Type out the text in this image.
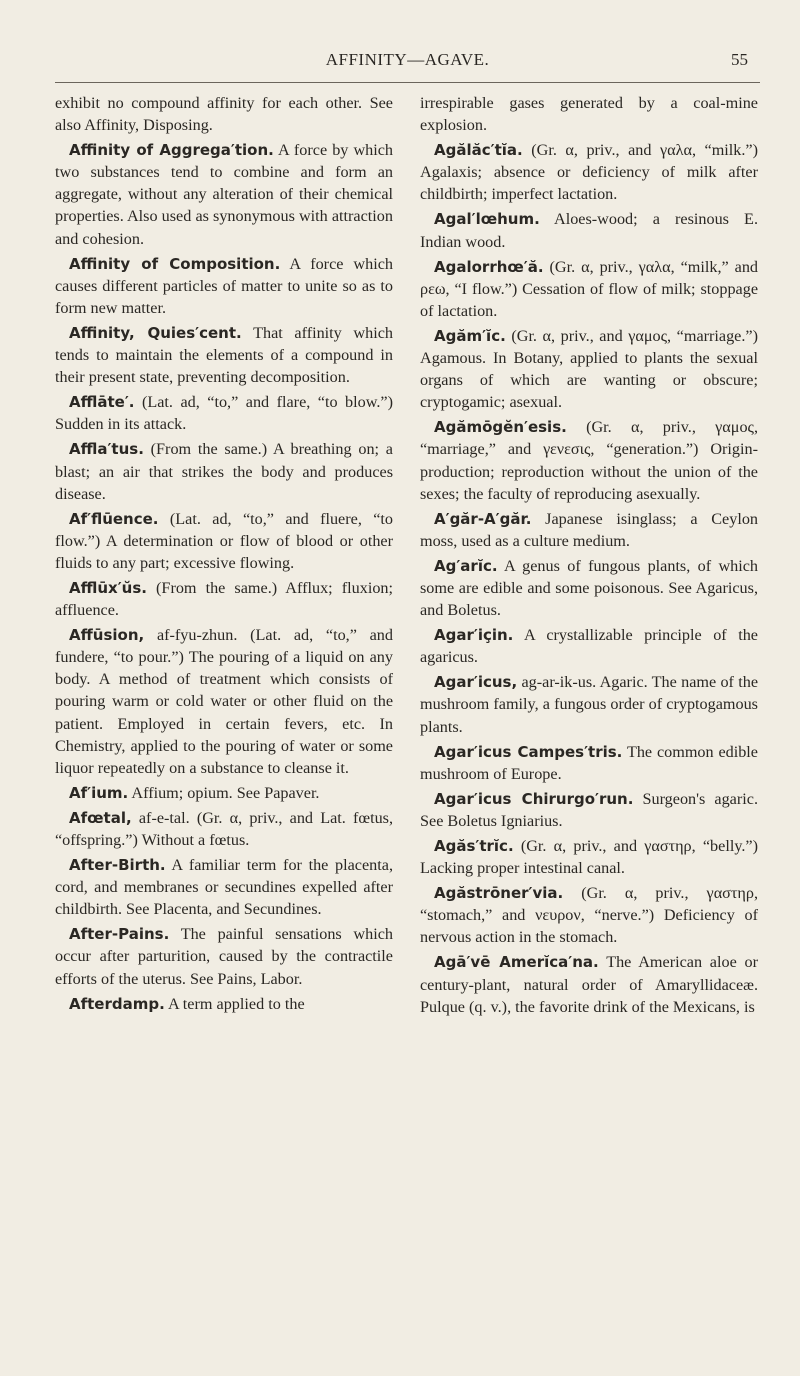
AFFINITY—AGAVE.	55

exhibit no compound affinity for each other. See also Affinity, Disposing.

Affinity of Aggrega′tion. A force by which two substances tend to combine and form an aggregate, without any alteration of their chemical properties. Also used as synonymous with attraction and cohesion.

Affinity of Composition. A force which causes different particles of matter to unite so as to form new matter.

Affinity, Quies′cent. That affinity which tends to maintain the elements of a compound in their present state, preventing decomposition.

Afflāte′. (Lat. ad, “to,” and flare, “to blow.”) Sudden in its attack.

Affla′tus. (From the same.) A breathing on; a blast; an air that strikes the body and produces disease.

Af′flūence. (Lat. ad, “to,” and fluere, “to flow.”) A determination or flow of blood or other fluids to any part; excessive flowing.

Afflūx′ŭs. (From the same.) Afflux; fluxion; affluence.

Affūsion, af-fyu-zhun. (Lat. ad, “to,” and fundere, “to pour.”) The pouring of a liquid on any body. A method of treatment which consists of pouring warm or cold water or other fluid on the patient. Employed in certain fevers, etc. In Chemistry, applied to the pouring of water or some liquor repeatedly on a substance to cleanse it.

Af′ium. Affium; opium. See Papaver.

Afœtal, af-e-tal. (Gr. α, priv., and Lat. fœtus, “offspring.”) Without a fœtus.

After-Birth. A familiar term for the placenta, cord, and membranes or secundines expelled after childbirth. See Placenta, and Secundines.

After-Pains. The painful sensations which occur after parturition, caused by the contractile efforts of the uterus. See Pains, Labor.

Afterdamp. A term applied to the

irrespirable gases generated by a coal-mine explosion.

Agălăc′tĭa. (Gr. α, priv., and γαλα, “milk.”) Agalaxis; absence or deficiency of milk after childbirth; imperfect lactation.

Agal′lœhum. Aloes-wood; a resinous E. Indian wood.

Agalorrhœ′ă. (Gr. α, priv., γαλα, “milk,” and ρεω, “I flow.”) Cessation of flow of milk; stoppage of lactation.

Agăm′ĭc. (Gr. α, priv., and γαμος, “marriage.”) Agamous. In Botany, applied to plants the sexual organs of which are wanting or obscure; cryptogamic; asexual.

Agămōgĕn′esis. (Gr. α, priv., γαμος, “marriage,” and γενεσις, “generation.”) Origin-production; reproduction without the union of the sexes; the faculty of reproducing asexually.

A′găr-A′găr. Japanese isinglass; a Ceylon moss, used as a culture medium.

Ag′arĭc. A genus of fungous plants, of which some are edible and some poisonous. See Agaricus, and Boletus.

Agar′için. A crystallizable principle of the agaricus.

Agar′icus, ag-ar-ik-us. Agaric. The name of the mushroom family, a fungous order of cryptogamous plants.

Agar′icus Campes′tris. The common edible mushroom of Europe.

Agar′icus Chirurgo′run. Surgeon's agaric. See Boletus Igniarius.

Agăs′trĭc. (Gr. α, priv., and γαστηρ, “belly.”) Lacking proper intestinal canal.

Agăstrōner′via. (Gr. α, priv., γαστηρ, “stomach,” and νευρον, “nerve.”) Deficiency of nervous action in the stomach.

Agā′vē Amerĭca′na. The American aloe or century-plant, natural order of Amaryllidaceæ. Pulque (q. v.), the favorite drink of the Mexicans, is
